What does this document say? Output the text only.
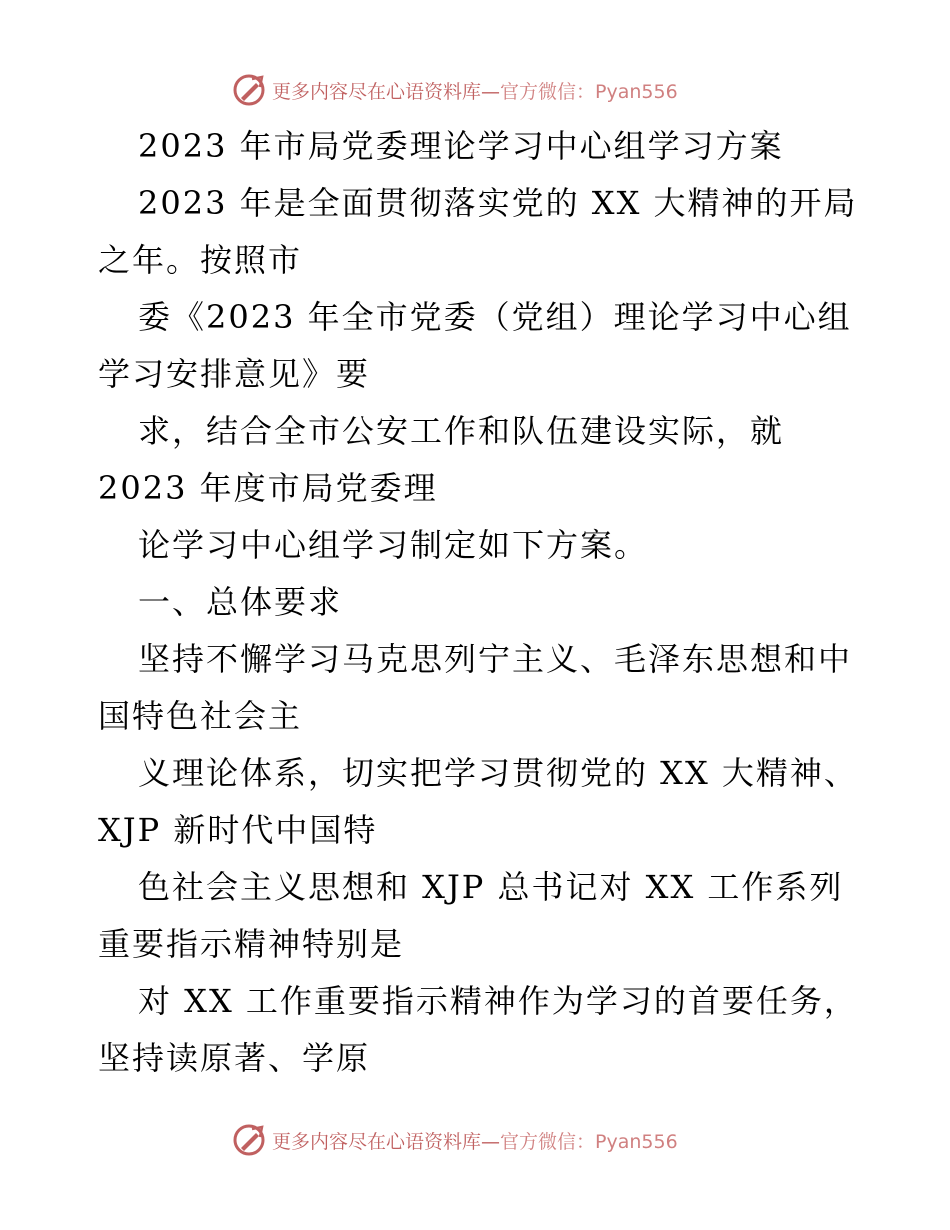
更多内容尽在心语资料库—官方微信：Pyan556
2023 年市局党委理论学习中心组学习方案
2023 年是全面贯彻落实党的 XX 大精神的开局
之年。按照市
委《2023 年全市党委（党组）理论学习中心组
学习安排意见》要
求，结合全市公安工作和队伍建设实际，就
2023 年度市局党委理
论学习中心组学习制定如下方案。
一、总体要求
坚持不懈学习马克思列宁主义、毛泽东思想和中
国特色社会主
义理论体系，切实把学习贯彻党的 XX 大精神、
XJP 新时代中国特
色社会主义思想和 XJP 总书记对 XX 工作系列
重要指示精神特别是
对 XX 工作重要指示精神作为学习的首要任务，
坚持读原著、学原
更多内容尽在心语资料库—官方微信：Pyan556
